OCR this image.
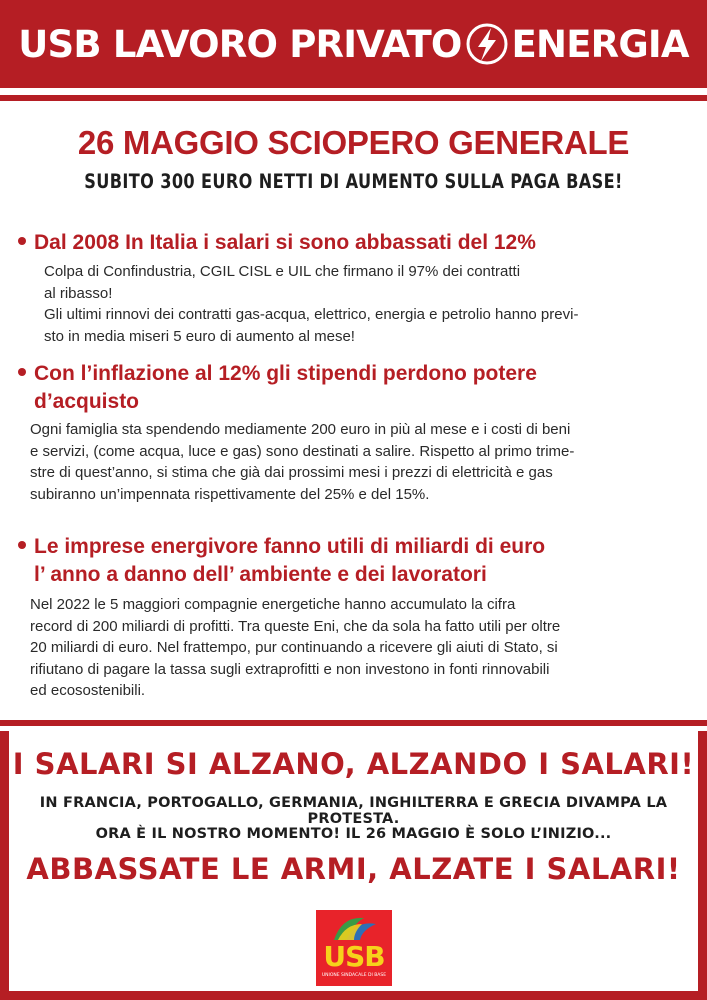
USB LAVORO PRIVATO ENERGIA
26 MAGGIO SCIOPERO GENERALE
SUBITO 300 EURO NETTI DI AUMENTO SULLA PAGA BASE!
Dal 2008 In Italia i salari si sono abbassati del 12%

Colpa di Confindustria, CGIL CISL e UIL che firmano il 97% dei contratti

al ribasso!

Gli ultimi rinnovi dei contratti gas-acqua, elettrico, energia e petrolio hanno previ-

sto in media miseri 5 euro di aumento al mese!

Con l’inflazione al 12% gli stipendi perdono potere
d’acquisto

Ogni famiglia sta spendendo mediamente 200 euro in più al mese e i costi di beni

e servizi, (come acqua, luce e gas) sono destinati a salire. Rispetto al primo trime-

stre di quest’anno, si stima che già dai prossimi mesi i prezzi di elettricità e gas

subiranno un’impennata rispettivamente del 25% e del 15%.

Le imprese energivore fanno utili di miliardi di euro
l’ anno a danno dell’ ambiente e dei lavoratori

Nel 2022 le 5 maggiori compagnie energetiche hanno accumulato la cifra

record di 200 miliardi di profitti. Tra queste Eni, che da sola ha fatto utili per oltre

20 miliardi di euro. Nel frattempo, pur continuando a ricevere gli aiuti di Stato, si

rifiutano di pagare la tassa sugli extraprofitti e non investono in fonti rinnovabili

ed ecosostenibili.

I SALARI SI ALZANO, ALZANDO I SALARI!
IN FRANCIA, PORTOGALLO, GERMANIA, INGHILTERRA E GRECIA DIVAMPA LA PROTESTA.
ORA È IL NOSTRO MOMENTO! IL 26 MAGGIO È SOLO L’INIZIO...
ABBASSATE LE ARMI, ALZATE I SALARI!
USB
UNIONE SINDACALE DI BASE
